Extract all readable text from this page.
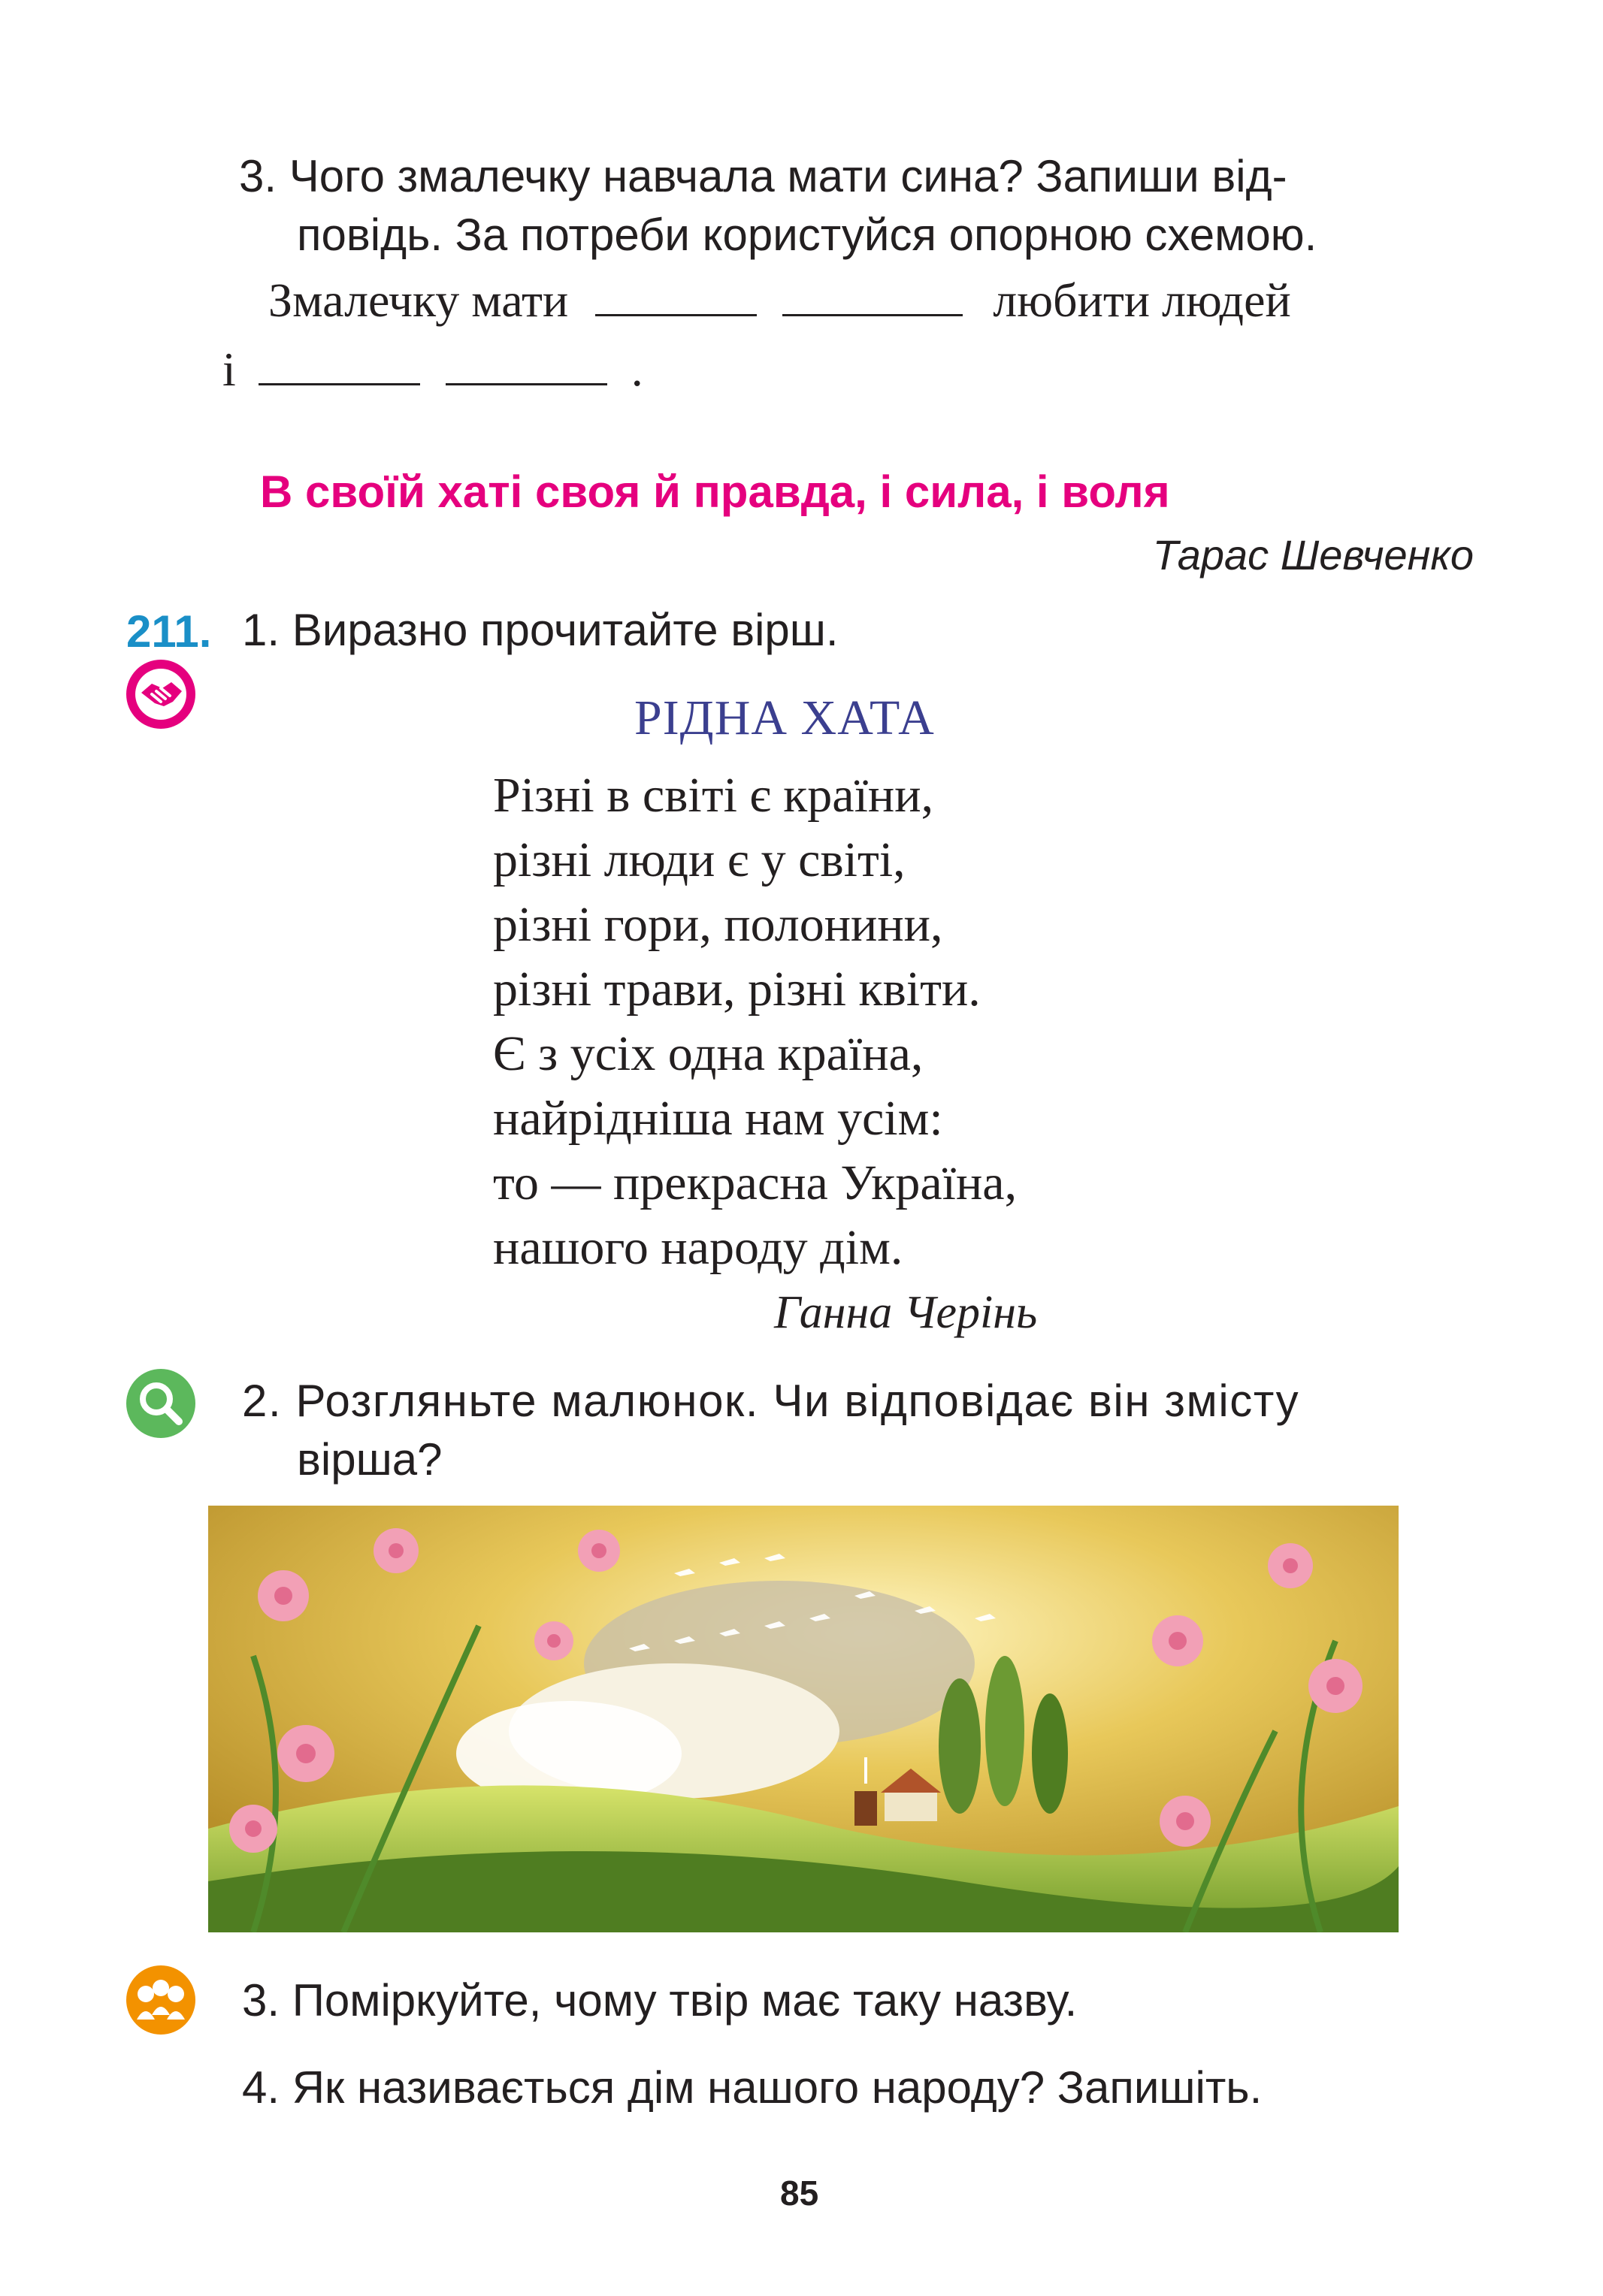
3. Чого змалечку навчала мати сина? Запиши від-
повідь. За потреби користуйся опорною схемою.
Змалечку мати	любити людей
і	.
В своїй хаті своя й правда, і сила, і воля
Тарас Шевченко
211. 1. Виразно прочитайте вірш.
РІДНА ХАТА
Різні в світі є країни,
різні люди є у світі,
різні гори, полонини,
різні трави, різні квіти.
Є з усіх одна країна,
найрідніша нам усім:
то — прекрасна Україна,
нашого народу дім.
Ганна Черінь
2. Розгляньте малюнок. Чи відповідає він змісту
вірша?
3. Поміркуйте, чому твір має таку назву.
4. Як називається дім нашого народу? Запишіть.
85
